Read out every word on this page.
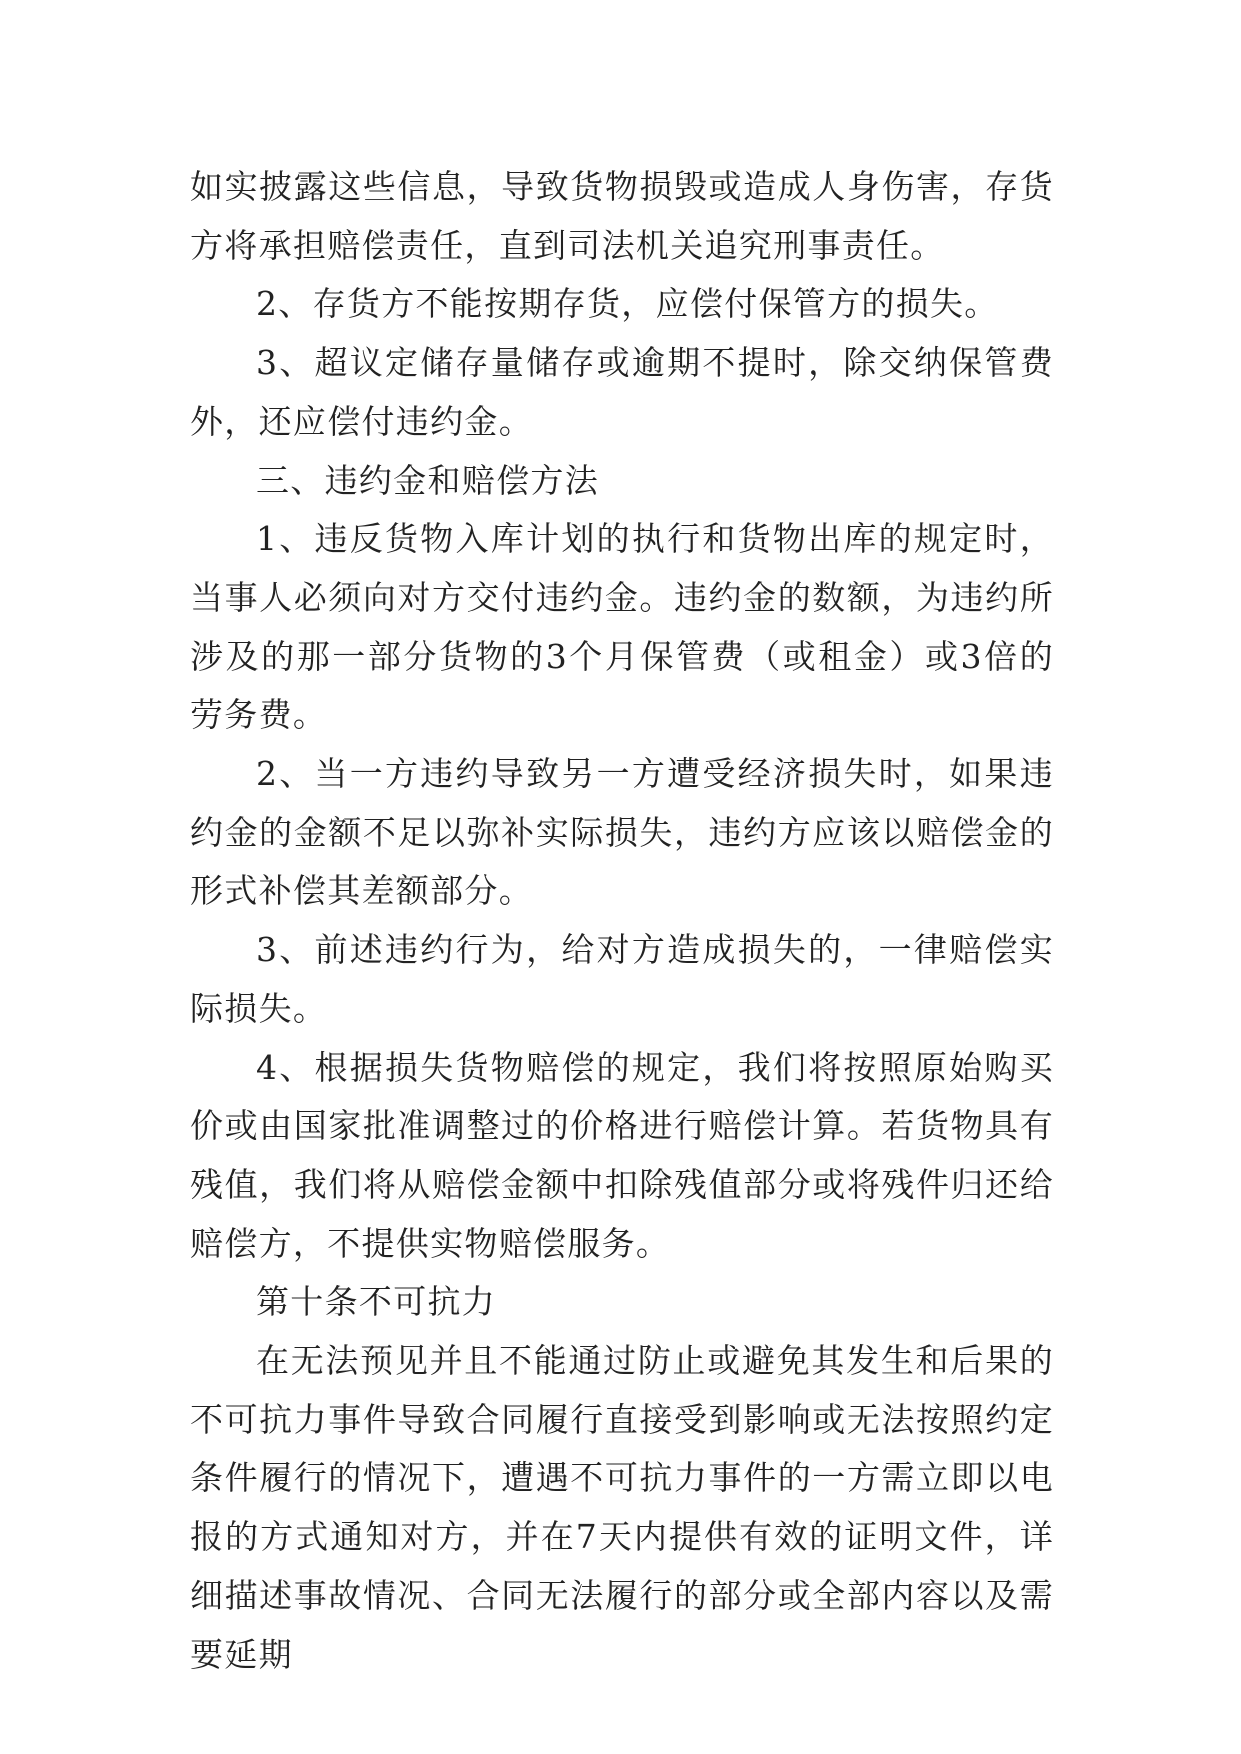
如实披露这些信息，导致货物损毁或造成人身伤害，存货方将承担赔偿责任，直到司法机关追究刑事责任。

2、存货方不能按期存货，应偿付保管方的损失。

3、超议定储存量储存或逾期不提时，除交纳保管费外，还应偿付违约金。

三、违约金和赔偿方法

1、违反货物入库计划的执行和货物出库的规定时，当事人必须向对方交付违约金。违约金的数额，为违约所涉及的那一部分货物的3个月保管费（或租金）或3倍的劳务费。

2、当一方违约导致另一方遭受经济损失时，如果违约金的金额不足以弥补实际损失，违约方应该以赔偿金的形式补偿其差额部分。

3、前述违约行为，给对方造成损失的，一律赔偿实际损失。

4、根据损失货物赔偿的规定，我们将按照原始购买价或由国家批准调整过的价格进行赔偿计算。若货物具有残值，我们将从赔偿金额中扣除残值部分或将残件归还给赔偿方，不提供实物赔偿服务。

第十条不可抗力

在无法预见并且不能通过防止或避免其发生和后果的不可抗力事件导致合同履行直接受到影响或无法按照约定条件履行的情况下，遭遇不可抗力事件的一方需立即以电报的方式通知对方，并在7天内提供有效的证明文件，详细描述事故情况、合同无法履行的部分或全部内容以及需要延期
